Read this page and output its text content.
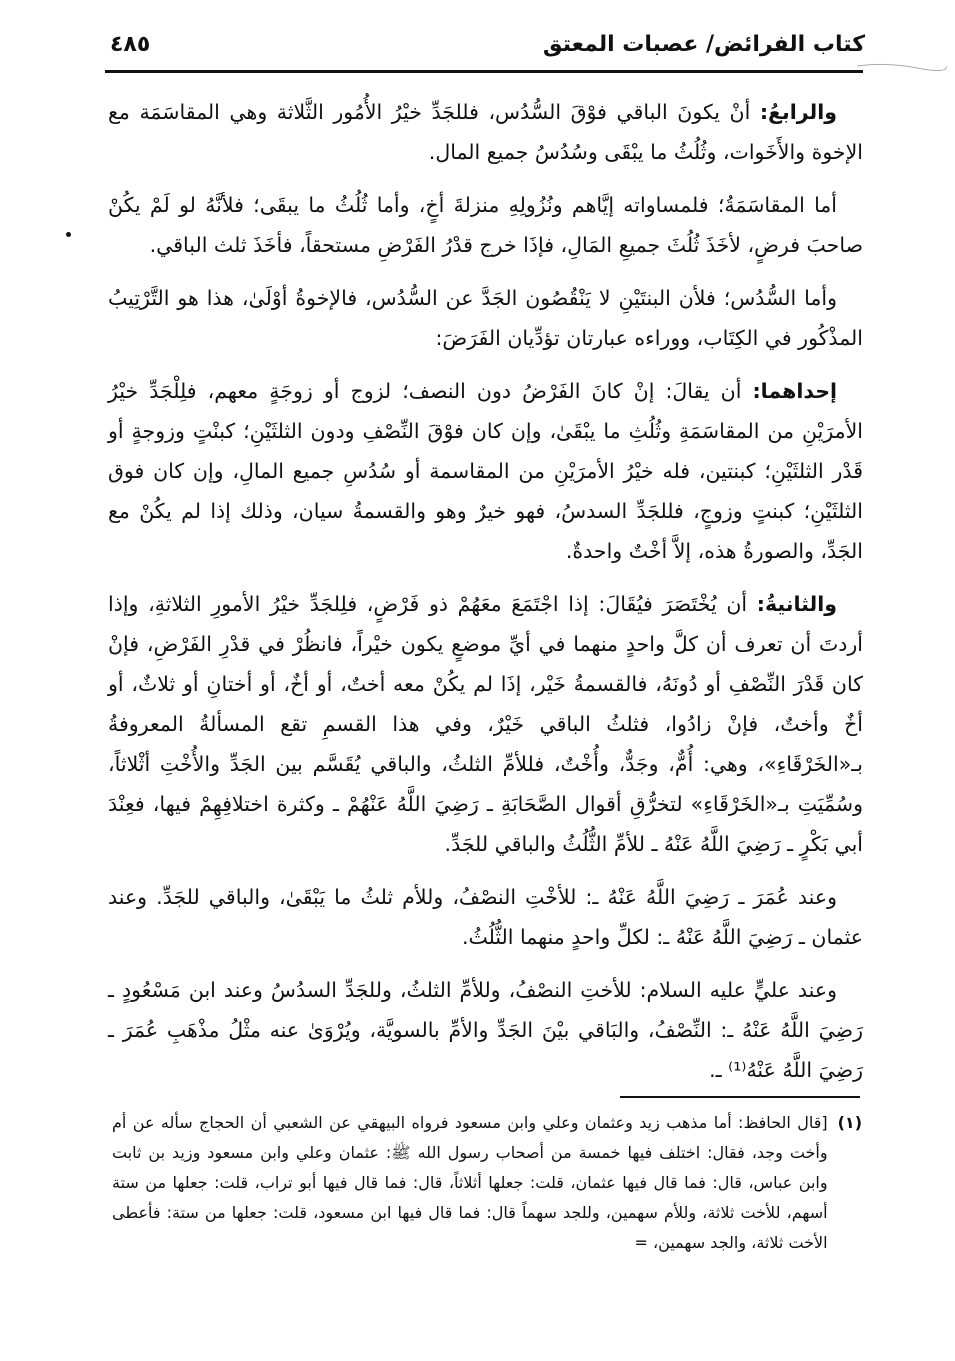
كتاب الفرائض/ عصبات المعتق
٤٨٥

والرابعُ: أنْ يكونَ الباقي فوْقَ السُّدُس، فللجَدِّ خيْرُ الأُمُور الثَّلاثة وهي المقاسَمَة مع الإخوة والأَخَوات، وثُلُثُ ما يبْقَى وسُدُسُ جميع المال.

أما المقاسَمَةُ؛ فلمساواته إيَّاهم ونُزُولِهِ منزلةَ أخٍ، وأما ثُلُثُ ما يبقَى؛ فلأنَّهُ لو لَمْ يكُنْ صاحبَ فرضٍ، لأخَذَ ثُلُثَ جميعِ المَالِ، فإذَا خرج قدْرُ الفَرْضِ مستحقاً، فأخَذَ ثلث الباقي.

وأما السُّدُس؛ فلأن البنتَيْنِ لا يَنْقُصُون الجَدَّ عن السُّدُس، فالإخوةُ أوْلَىٰ، هذا هو التَّرْتِيبُ المذْكُور في الكِتَاب، ووراءه عبارتان تؤدِّيان الفَرَضَ:

إحداهما: أن يقالَ: إنْ كانَ الفَرْضُ دون النصف؛ لزوج أو زوجَةٍ معهم، فلِلْجَدِّ خيْرُ الأمرَيْنِ من المقاسَمَةِ وثُلُثِ ما يبْقَىٰ، وإن كان فوْقَ النِّصْفِ ودون الثلثَيْنِ؛ كبنْتٍ وزوجةٍ أو قَدْر الثلثَيْنِ؛ كبنتين، فله خيْرُ الأمرَيْنِ من المقاسمة أو سُدُسِ جميع المالِ، وإن كان فوق الثلثَيْنِ؛ كبنتٍ وزوجٍ، فللجَدِّ السدسُ، فهو خيرٌ وهو والقسمةُ سيان، وذلك إذا لم يكُنْ مع الجَدِّ، والصورةُ هذه، إلاَّ أخْتٌ واحدةٌ.

والثانيةُ: أن يُخْتَصَرَ فيُقَالَ: إذا اجْتَمَعَ معَهُمْ ذو فَرْضٍ، فلِلجَدِّ خيْرُ الأمورِ الثلاثةِ، وإذا أردتَ أن تعرف أن كلَّ واحدٍ منهما في أيِّ موضعٍ يكون خيْراً، فانظُرْ في قدْرِ الفَرْضِ، فإنْ كان قَدْرَ النِّصْفِ أو دُونَهُ، فالقسمةُ خَيْر، إذَا لم يكُنْ معه أختٌ، أو أخٌ، أو أختانِ أو ثلاثٌ، أو أخٌ وأختٌ، فإنْ زادُوا، فثلثُ الباقي خَيْرٌ، وفي هذا القسمِ تقع المسألةُ المعروفةُ بـ«الخَرْقَاءِ»، وهي: أُمٌّ، وجَدٌّ، وأُخْتٌ، فللأمِّ الثلثُ، والباقي يُقَسَّم بين الجَدِّ والأُخْتِ أثْلاثاً، وسُمِّيَتِ بـ«الخَرْقَاءِ» لتخرُّقِ أقوال الصَّحَابَةِ ـ رَضِيَ اللَّهُ عَنْهُمْ ـ وكثرة اختلافِهِمْ فيها، فعِنْدَ أبي بَكْرٍ ـ رَضِيَ اللَّهُ عَنْهُ ـ للأمِّ الثُّلُثُ والباقي للجَدِّ.

وعند عُمَرَ ـ رَضِيَ اللَّهُ عَنْهُ ـ: للأخْتِ النصْفُ، وللأم ثلثُ ما يَبْقَىٰ، والباقي للجَدِّ. وعند عثمان ـ رَضِيَ اللَّهُ عَنْهُ ـ: لكلِّ واحدٍ منهما الثُّلُثُ.

وعند عليٍّ عليه السلام: للأختِ النصْفُ، وللأمِّ الثلثُ، وللجَدِّ السدُسُ وعند ابن مَسْعُودٍ ـ رَضِيَ اللَّهُ عَنْهُ ـ: النِّصْفُ، والبَاقي بيْنَ الجَدِّ والأمِّ بالسويَّة، ويُرْوَىٰ عنه مثْلُ مذْهَبِ عُمَرَ ـ رَضِيَ اللَّهُ عَنْهُ⁽¹⁾ ـ.

(١)
[قال الحافظ: أما مذهب زيد وعثمان وعلي وابن مسعود فرواه البيهقي عن الشعبي أن الحجاج سأله عن أم وأخت وجد، فقال: اختلف فيها خمسة من أصحاب رسول الله ﷺ: عثمان وعلي وابن مسعود وزيد بن ثابت وابن عباس، قال: فما قال فيها عثمان، قلت: جعلها أثلاثاً، قال: فما قال فيها أبو تراب، قلت: جعلها من ستة أسهم، للأخت ثلاثة، وللأم سهمين، وللجد سهماً قال: فما قال فيها ابن مسعود، قلت: جعلها من ستة: فأعطى الأخت ثلاثة، والجد سهمين، =
